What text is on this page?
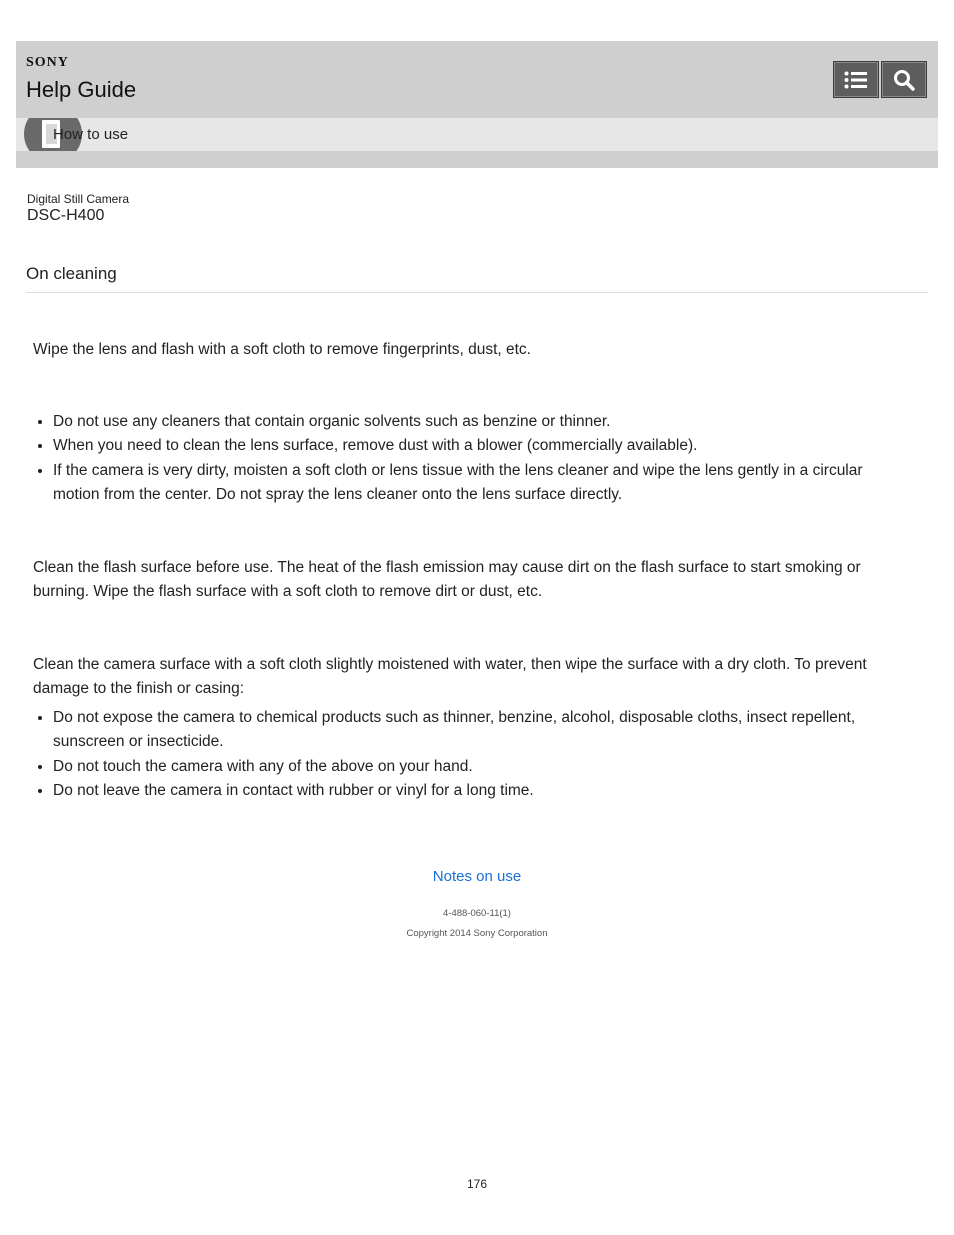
SONY
Help Guide
How to use
Digital Still Camera
DSC-H400
On cleaning

Wipe the lens and flash with a soft cloth to remove fingerprints, dust, etc.

• Do not use any cleaners that contain organic solvents such as benzine or thinner.
• When you need to clean the lens surface, remove dust with a blower (commercially available).
• If the camera is very dirty, moisten a soft cloth or lens tissue with the lens cleaner and wipe the lens gently in a circular motion from the center. Do not spray the lens cleaner onto the lens surface directly.

Clean the flash surface before use. The heat of the flash emission may cause dirt on the flash surface to start smoking or burning. Wipe the flash surface with a soft cloth to remove dirt or dust, etc.

Clean the camera surface with a soft cloth slightly moistened with water, then wipe the surface with a dry cloth. To prevent damage to the finish or casing:

• Do not expose the camera to chemical products such as thinner, benzine, alcohol, disposable cloths, insect repellent, sunscreen or insecticide.
• Do not touch the camera with any of the above on your hand.
• Do not leave the camera in contact with rubber or vinyl for a long time.
Notes on use
4-488-060-11(1)
Copyright 2014 Sony Corporation
176
